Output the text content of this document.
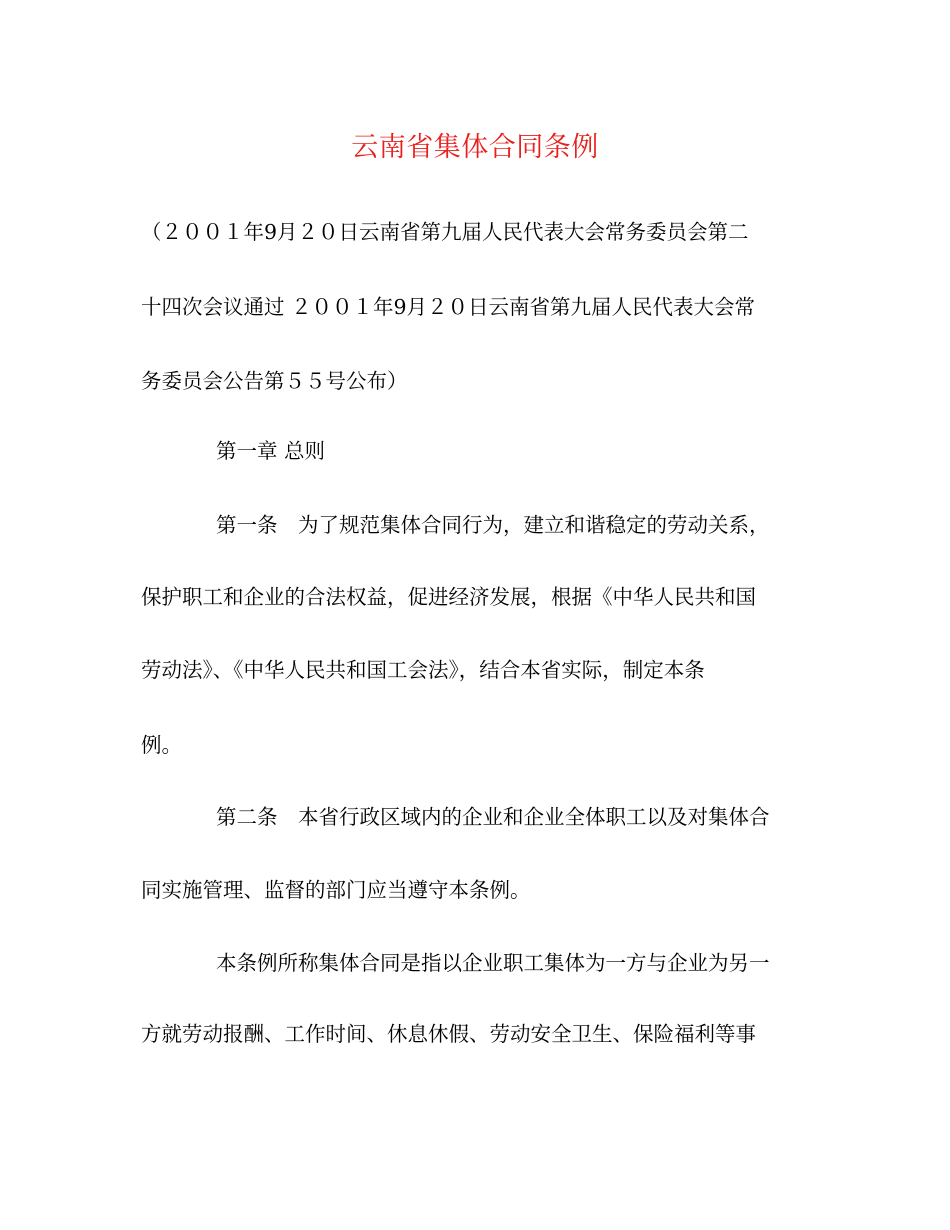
云南省集体合同条例
（２００１年9月２０日云南省第九届人民代表大会常务委员会第二
十四次会议通过 ２００１年9月２０日云南省第九届人民代表大会常
务委员会公告第５５号公布）
第一章 总则
第一条　为了规范集体合同行为，建立和谐稳定的劳动关系，
保护职工和企业的合法权益，促进经济发展，根据《中华人民共和国
劳动法》、《中华人民共和国工会法》，结合本省实际，制定本条
例。
第二条　本省行政区域内的企业和企业全体职工以及对集体合
同实施管理、监督的部门应当遵守本条例。
本条例所称集体合同是指以企业职工集体为一方与企业为另一
方就劳动报酬、工作时间、休息休假、劳动安全卫生、保险福利等事
